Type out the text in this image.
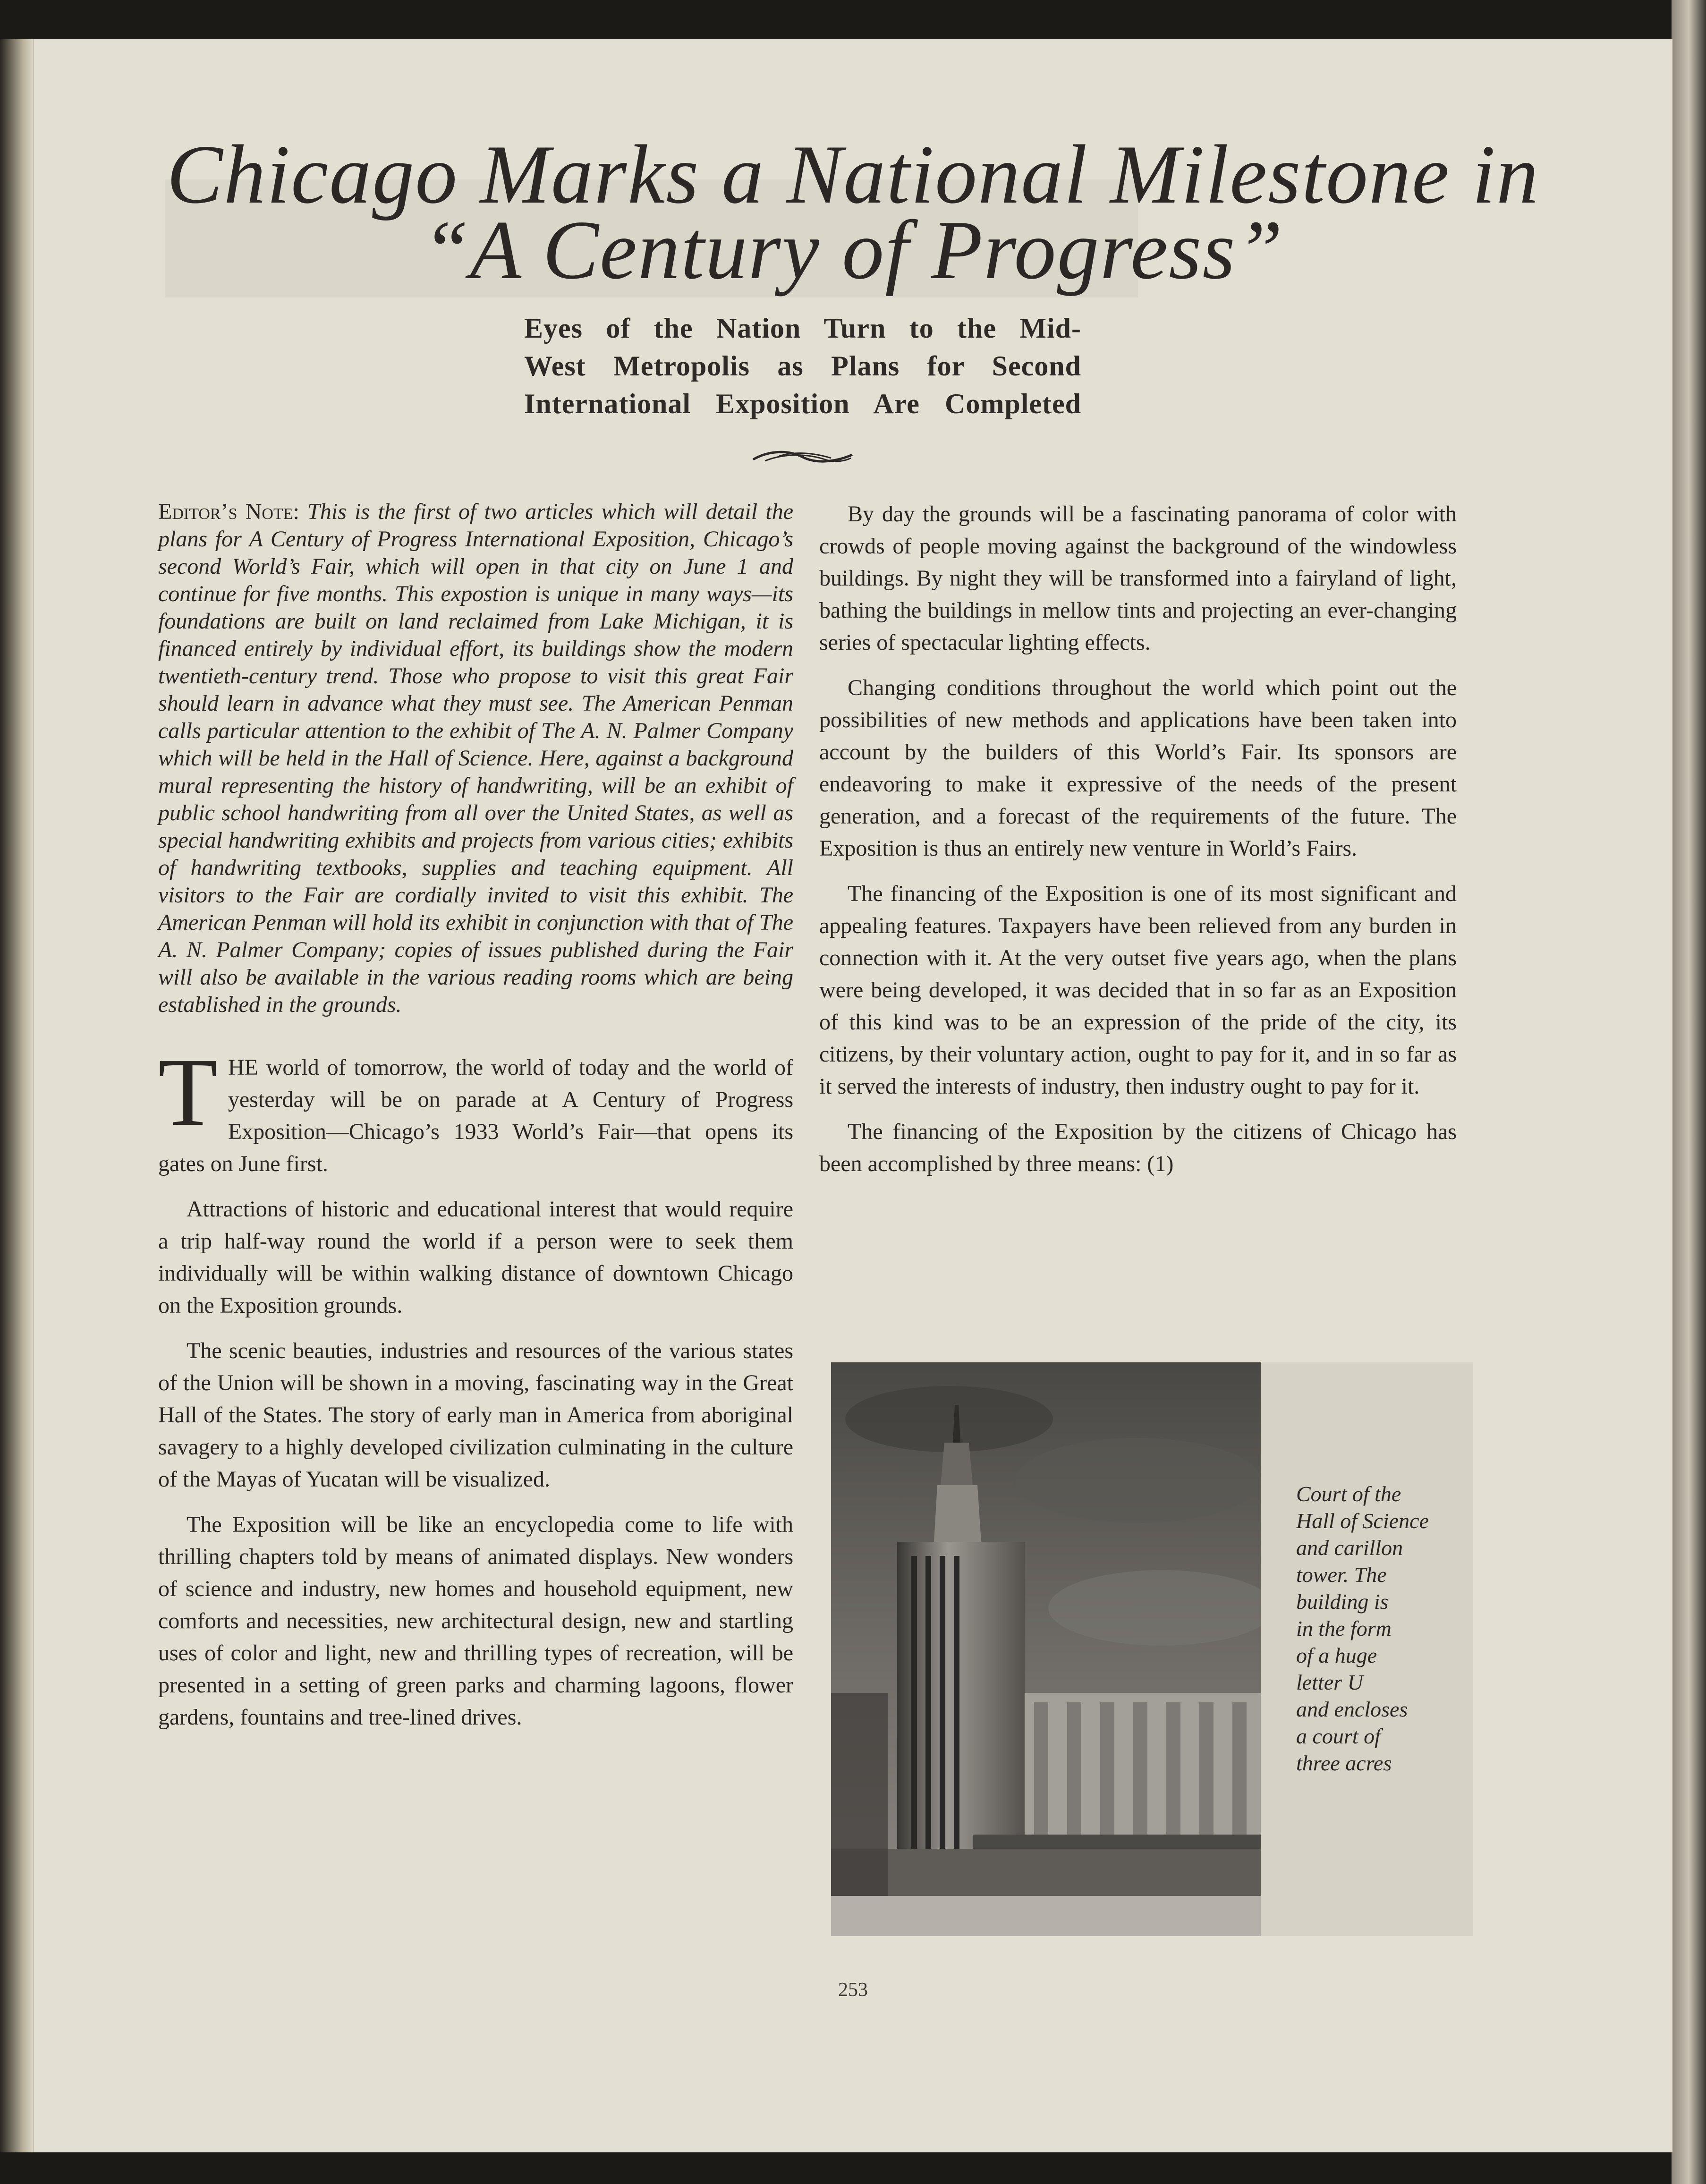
Chicago Marks a National Milestone in
“A Century of Progress”
Eyes of the Nation Turn to the Mid-
West Metropolis as Plans for Second
International Exposition Are Completed

Editor’s Note: This is the first of two articles which will detail the plans for A Century of Progress International Exposition, Chicago’s second World’s Fair, which will open in that city on June 1 and continue for five months. This expostion is unique in many ways—its foundations are built on land reclaimed from Lake Michigan, it is financed entirely by individual effort, its buildings show the modern twentieth-century trend. Those who propose to visit this great Fair should learn in advance what they must see. The American Penman calls particular attention to the exhibit of The A. N. Palmer Company which will be held in the Hall of Science. Here, against a background mural representing the history of handwriting, will be an exhibit of public school handwriting from all over the United States, as well as special handwriting exhibits and projects from various cities; exhibits of handwriting textbooks, supplies and teaching equipment. All visitors to the Fair are cordially invited to visit this exhibit. The American Penman will hold its exhibit in conjunction with that of The A. N. Palmer Company; copies of issues published during the Fair will also be available in the various reading rooms which are being established in the grounds.

THE world of tomorrow, the world of today and the world of yesterday will be on parade at A Century of Progress Exposition—Chicago’s 1933 World’s Fair—that opens its gates on June first.

Attractions of historic and educational interest that would require a trip half-way round the world if a person were to seek them individually will be within walking distance of downtown Chicago on the Exposition grounds.

The scenic beauties, industries and resources of the various states of the Union will be shown in a moving, fascinating way in the Great Hall of the States. The story of early man in America from aboriginal savagery to a highly developed civilization culminating in the culture of the Mayas of Yucatan will be visualized.

The Exposition will be like an encyclopedia come to life with thrilling chapters told by means of animated displays. New wonders of science and industry, new homes and household equipment, new comforts and necessities, new architectural design, new and startling uses of color and light, new and thrilling types of recreation, will be presented in a setting of green parks and charming lagoons, flower gardens, fountains and tree-lined drives.

By day the grounds will be a fascinating panorama of color with crowds of people moving against the background of the windowless buildings. By night they will be transformed into a fairyland of light, bathing the buildings in mellow tints and projecting an ever-changing series of spectacular lighting effects.

Changing conditions throughout the world which point out the possibilities of new methods and applications have been taken into account by the builders of this World’s Fair. Its sponsors are endeavoring to make it expressive of the needs of the present generation, and a forecast of the requirements of the future. The Exposition is thus an entirely new venture in World’s Fairs.

The financing of the Exposition is one of its most significant and appealing features. Taxpayers have been relieved from any burden in connection with it. At the very outset five years ago, when the plans were being developed, it was decided that in so far as an Exposition of this kind was to be an expression of the pride of the city, its citizens, by their voluntary action, ought to pay for it, and in so far as it served the interests of industry, then industry ought to pay for it.

The financing of the Exposition by the citizens of Chicago has been accomplished by three means: (1)

Court of the
Hall of Science
and carillon
tower. The
building is
in the form
of a huge
letter U
and encloses
a court of
three acres

253
